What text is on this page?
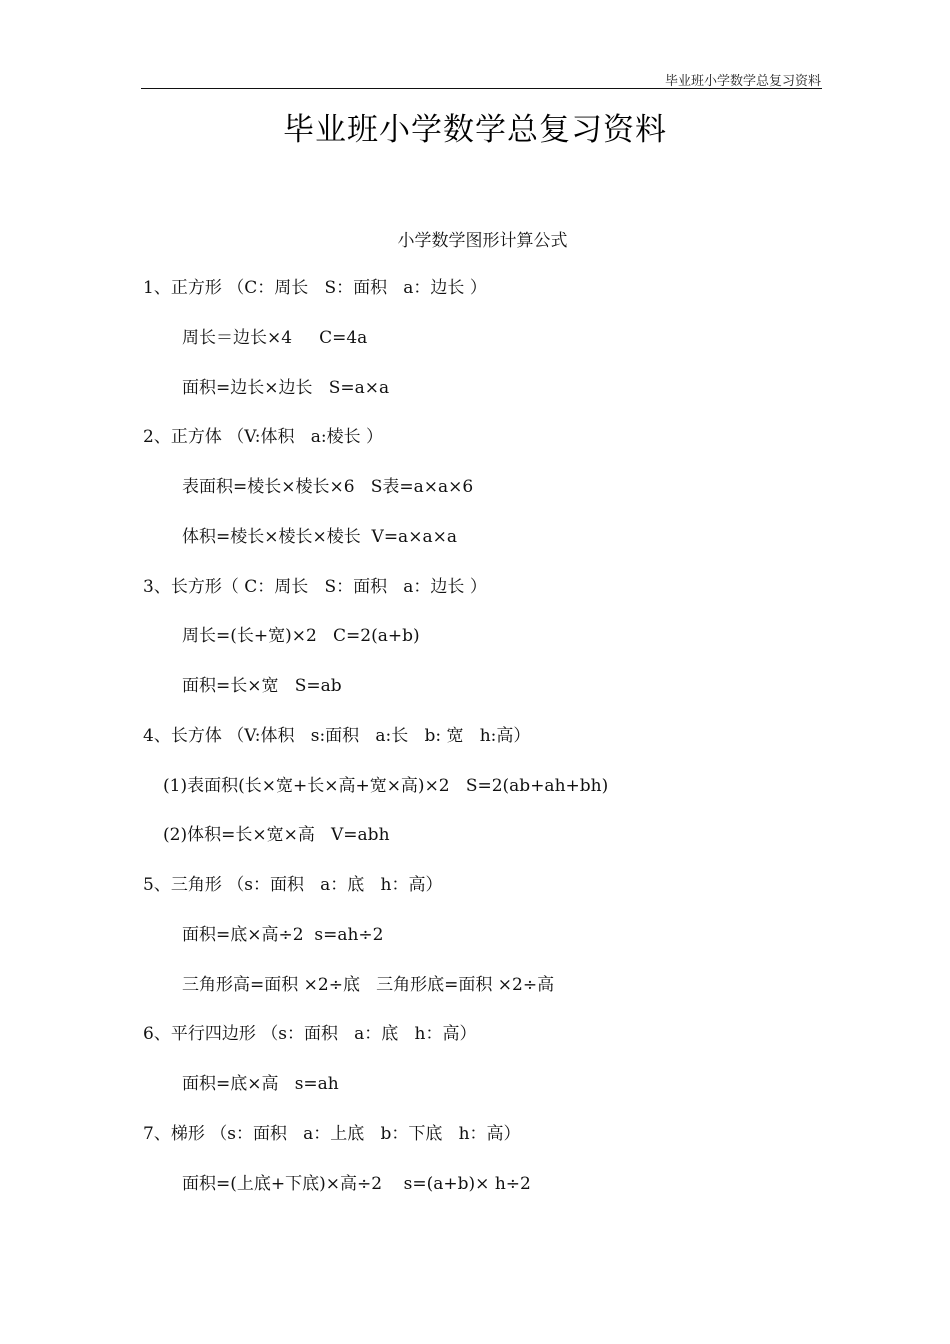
毕业班小学数学总复习资料
毕业班小学数学总复习资料
小学数学图形计算公式
1、正方形 （C：周长   S：面积   a：边长 ）
周长＝边长×4     C=4a
面积=边长×边长   S=a×a
2、正方体 （V:体积   a:棱长 ）
表面积=棱长×棱长×6   S表=a×a×6
体积=棱长×棱长×棱长  V=a×a×a
3、长方形（ C：周长   S：面积   a：边长 ）
周长=(长+宽)×2   C=2(a+b)
面积=长×宽   S=ab
4、长方体 （V:体积   s:面积   a:长   b: 宽   h:高）
(1)表面积(长×宽+长×高+宽×高)×2   S=2(ab+ah+bh)
(2)体积=长×宽×高   V=abh
5、三角形 （s：面积   a：底   h：高）
面积=底×高÷2  s=ah÷2
三角形高=面积 ×2÷底   三角形底=面积 ×2÷高
6、平行四边形 （s：面积   a：底   h：高）
面积=底×高   s=ah
7、梯形 （s：面积   a：上底   b：下底   h：高）
面积=(上底+下底)×高÷2    s=(a+b)× h÷2
